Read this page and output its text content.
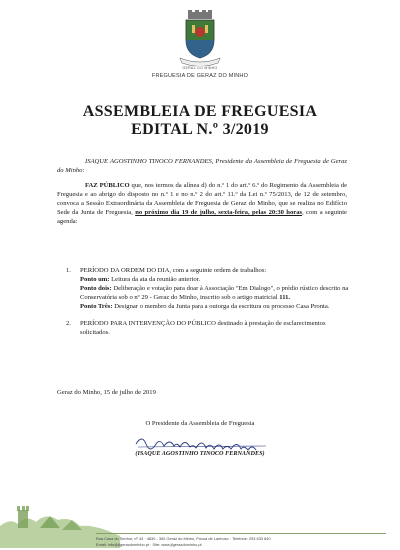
GERAZ DO MINHO
FREGUESIA DE GERAZ DO MINHO
ASSEMBLEIA DE FREGUESIA
EDITAL N.º 3/2019

ISAQUE AGOSTINHO TINOCO FERNANDES, Presidente da Assembleia de Freguesia de Geraz do Minho:

FAZ PÚBLICO que, nos termos da alínea d) do n.º 1 do art.º 6.º do Regimento da Assembleia de Freguesia e ao abrigo do disposto no n.º 1 e no n.º 2 do art.º 11.º da Lei n.º 75/2013, de 12 de setembro, convoca a Sessão Extraordinária da Assembleia de Freguesia de Geraz do Minho, que se realiza no Edifício Sede da Junta de Freguesia, no próximo dia 19 de julho, sexta-feira, pelas 20:30 horas, com a seguinte agenda:

1. PERÍODO DA ORDEM DO DIA, com a seguinte ordem de trabalhos:
Ponto um: Leitura da ata da reunião anterior.
Ponto dois: Deliberação e votação para doar à Associação "Em Dialogo", o prédio rústico descrito na Conservatória sob o nº 29 - Geraz do Minho, inscrito sob o artigo matricial 111.
Ponto Três: Designar o membro da Junta para a outorga da escritura ou processo Casa Pronta.
2. PERÍODO PARA INTERVENÇÃO DO PÚBLICO destinado à prestação de esclarecimentos solicitados.
Geraz do Minho, 15 de julho de 2019
O Presidente da Assembleia de Freguesia
(ISAQUE AGOSTINHO TINOCO FERNANDES)
Rua Casa do Senhor, nº 43 · 4830 - 300 Geraz do Minho, Póvoa de Lanhoso · Telefone: 253 633 840
Email: info@jfgerazdominho.pt · Site: www.jfgerazdominho.pt
